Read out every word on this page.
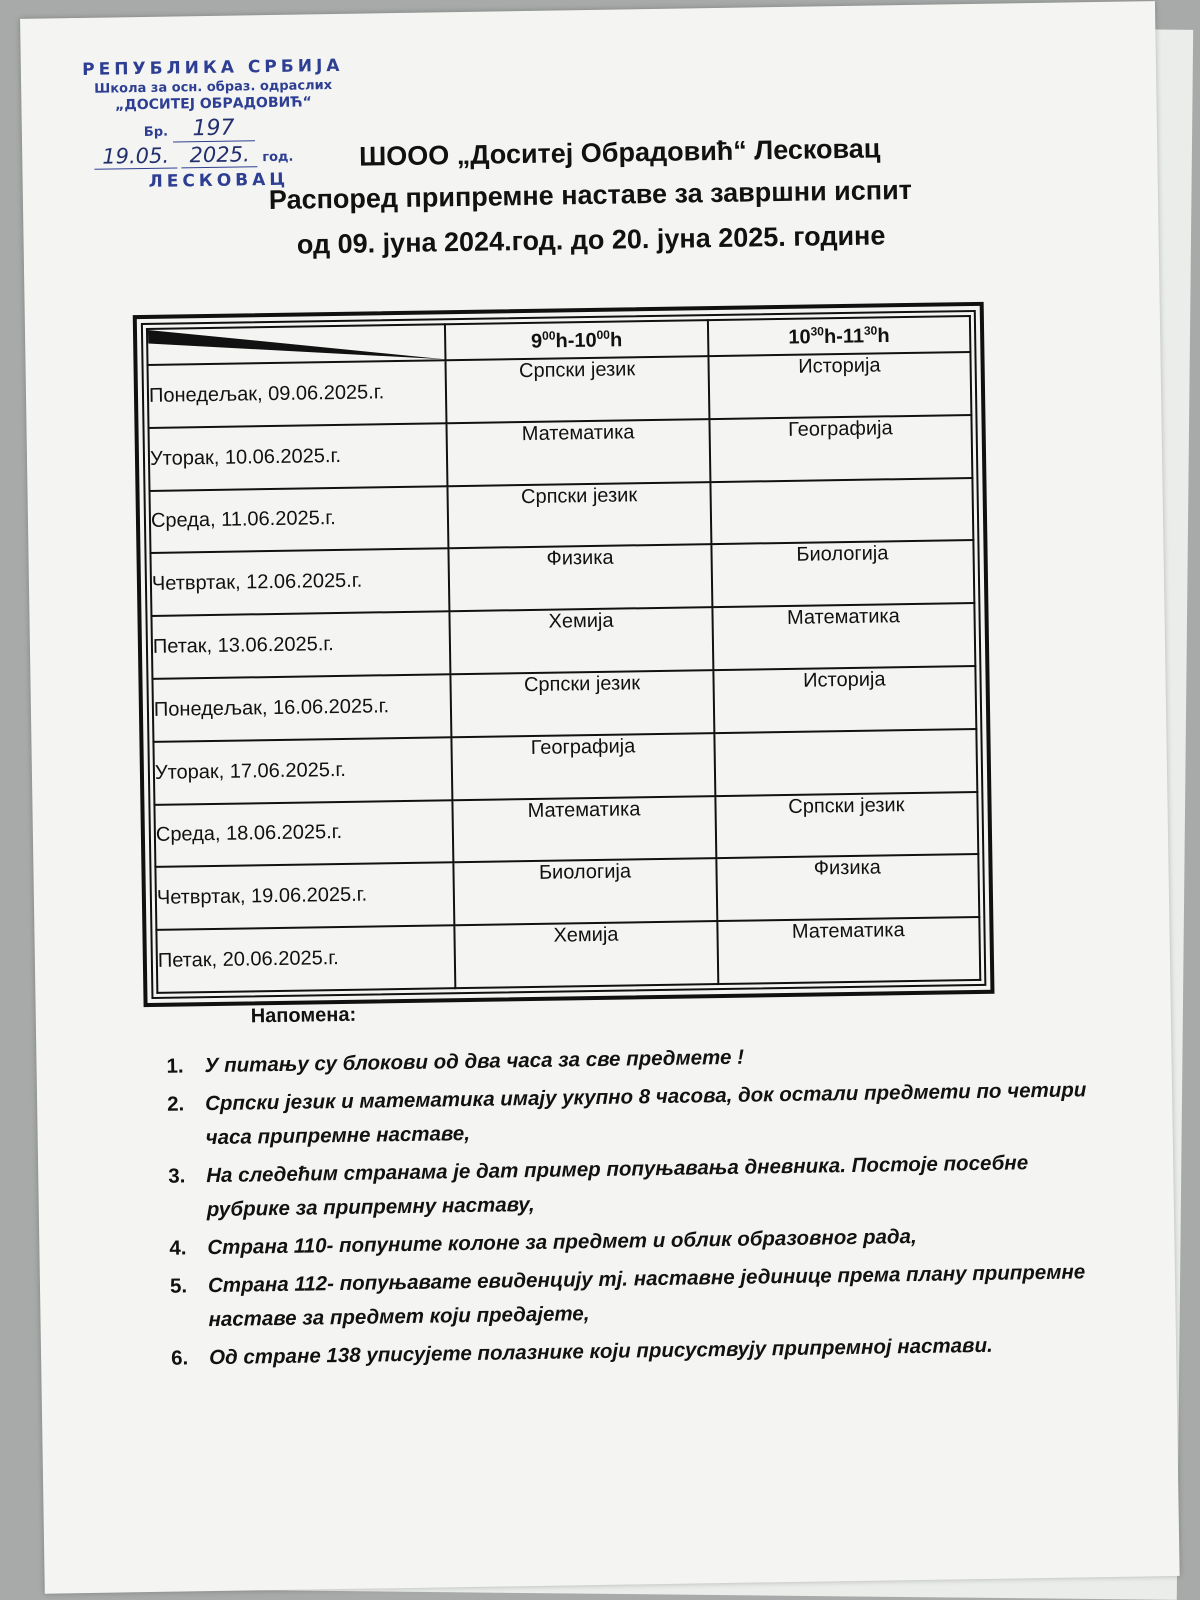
РЕПУБЛИКА СРБИЈА
Школа за осн. образ. одраслих
„ДОСИТЕЈ ОБРАДОВИЋ“
Бр. 197
19.05. 2025. год.
ЛЕСКОВАЦ
ШООО „Доситеј Обрадовић“ Лесковац
Распоред припремне наставе за завршни испит
од 09. јуна 2024.год. до 20. јуна 2025. године
	$9^{00}h-10^{00}h$	$10^{30}h-11^{30}h$
Понедељак, 09.06.2025.г.	Српски језик	Историја
Уторак, 10.06.2025.г.	Математика	Географија
Среда, 11.06.2025.г.	Српски језик	
Четвртак, 12.06.2025.г.	Физика	Биологија
Петак, 13.06.2025.г.	Хемија	Математика
Понедељак, 16.06.2025.г.	Српски језик	Историја
Уторак, 17.06.2025.г.	Географија	
Среда, 18.06.2025.г.	Математика	Српски језик
Четвртак, 19.06.2025.г.	Биологија	Физика
Петак, 20.06.2025.г.	Хемија	Математика
Напомена:
1. У питању су блокови од два часа за све предмете !
2. Српски језик и математика имају укупно 8 часова, док остали предмети по четири часа припремне наставе,
3. На следећим странама је дат пример попуњавања дневника. Постоје посебне рубрике за припремну наставу,
4. Страна 110- попуните колоне за предмет и облик образовног рада,
5. Страна 112- попуњавате евиденцију тј. наставне јединице према плану припремне наставе за предмет који предајете,
6. Од стране 138 уписујете полазнике који присуствују припремној настави.
